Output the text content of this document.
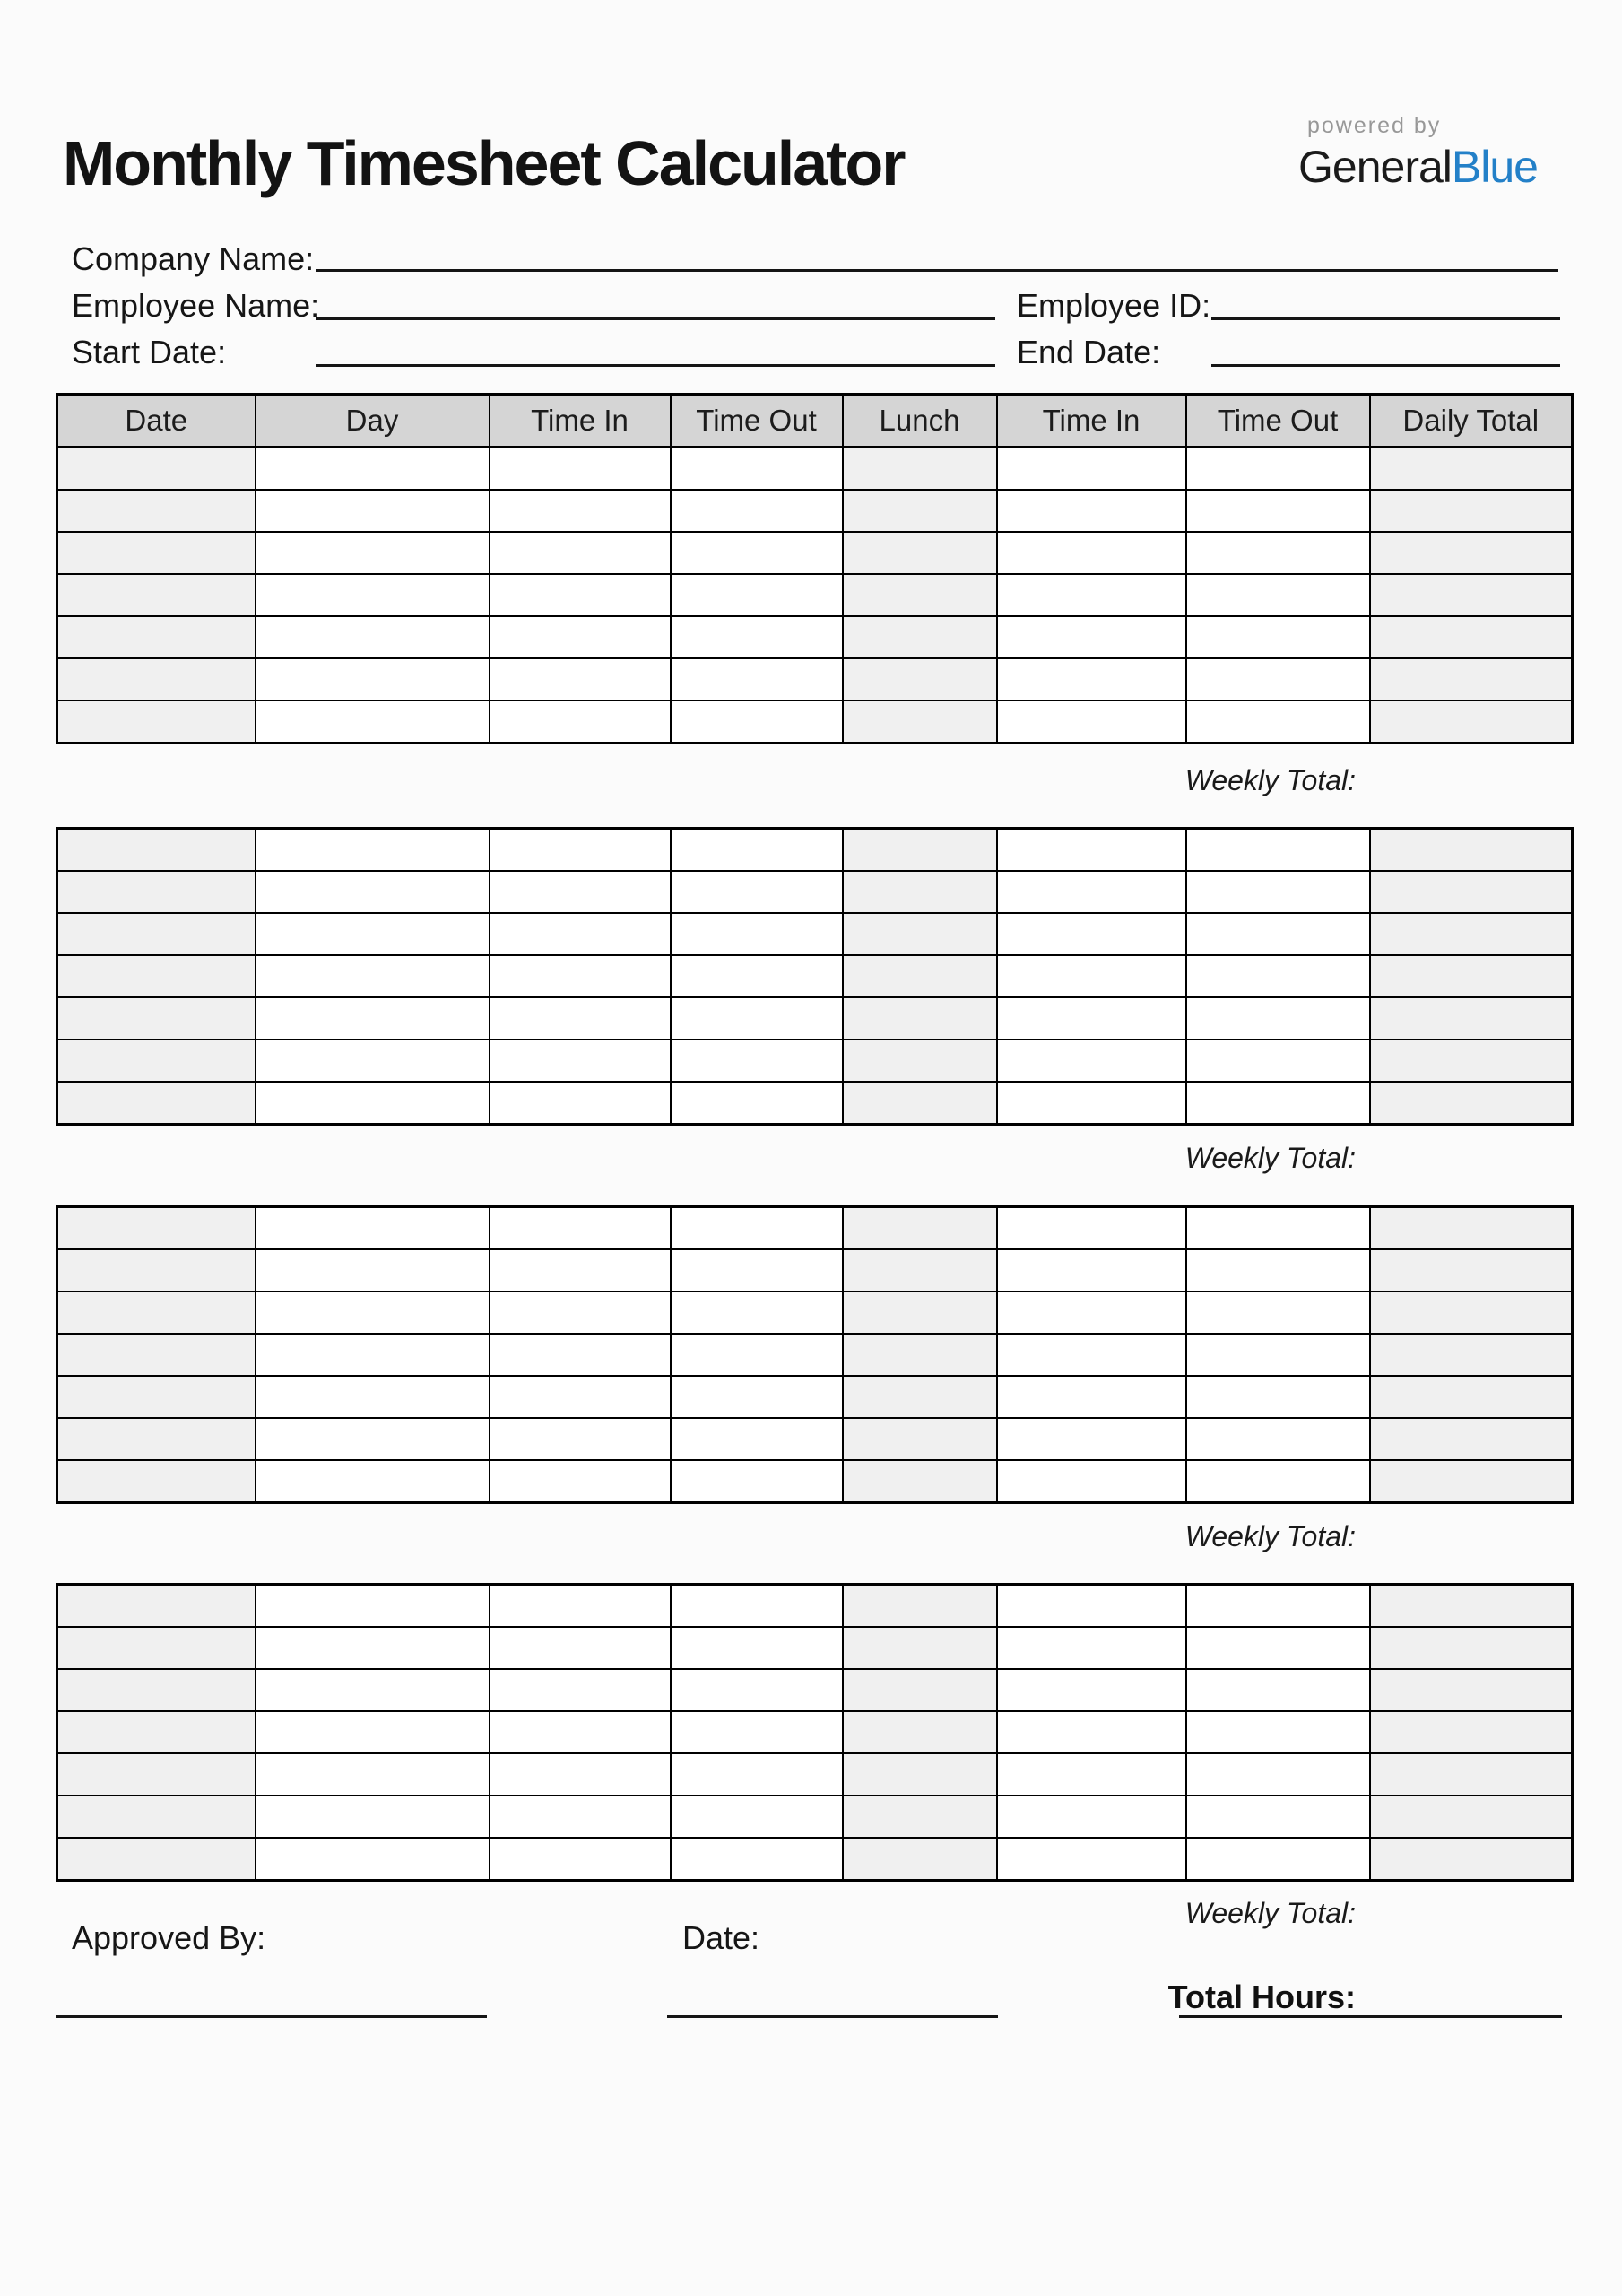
Monthly Timesheet Calculator
powered by
GeneralBlue
Company Name:
Employee Name:	Employee ID:
Start Date:	End Date:
Date	Day	Time In	Time Out	Lunch	Time In	Time Out	Daily Total

Weekly Total:

Weekly Total:

Weekly Total:

Weekly Total:
Approved By:	Date:
Total Hours:
